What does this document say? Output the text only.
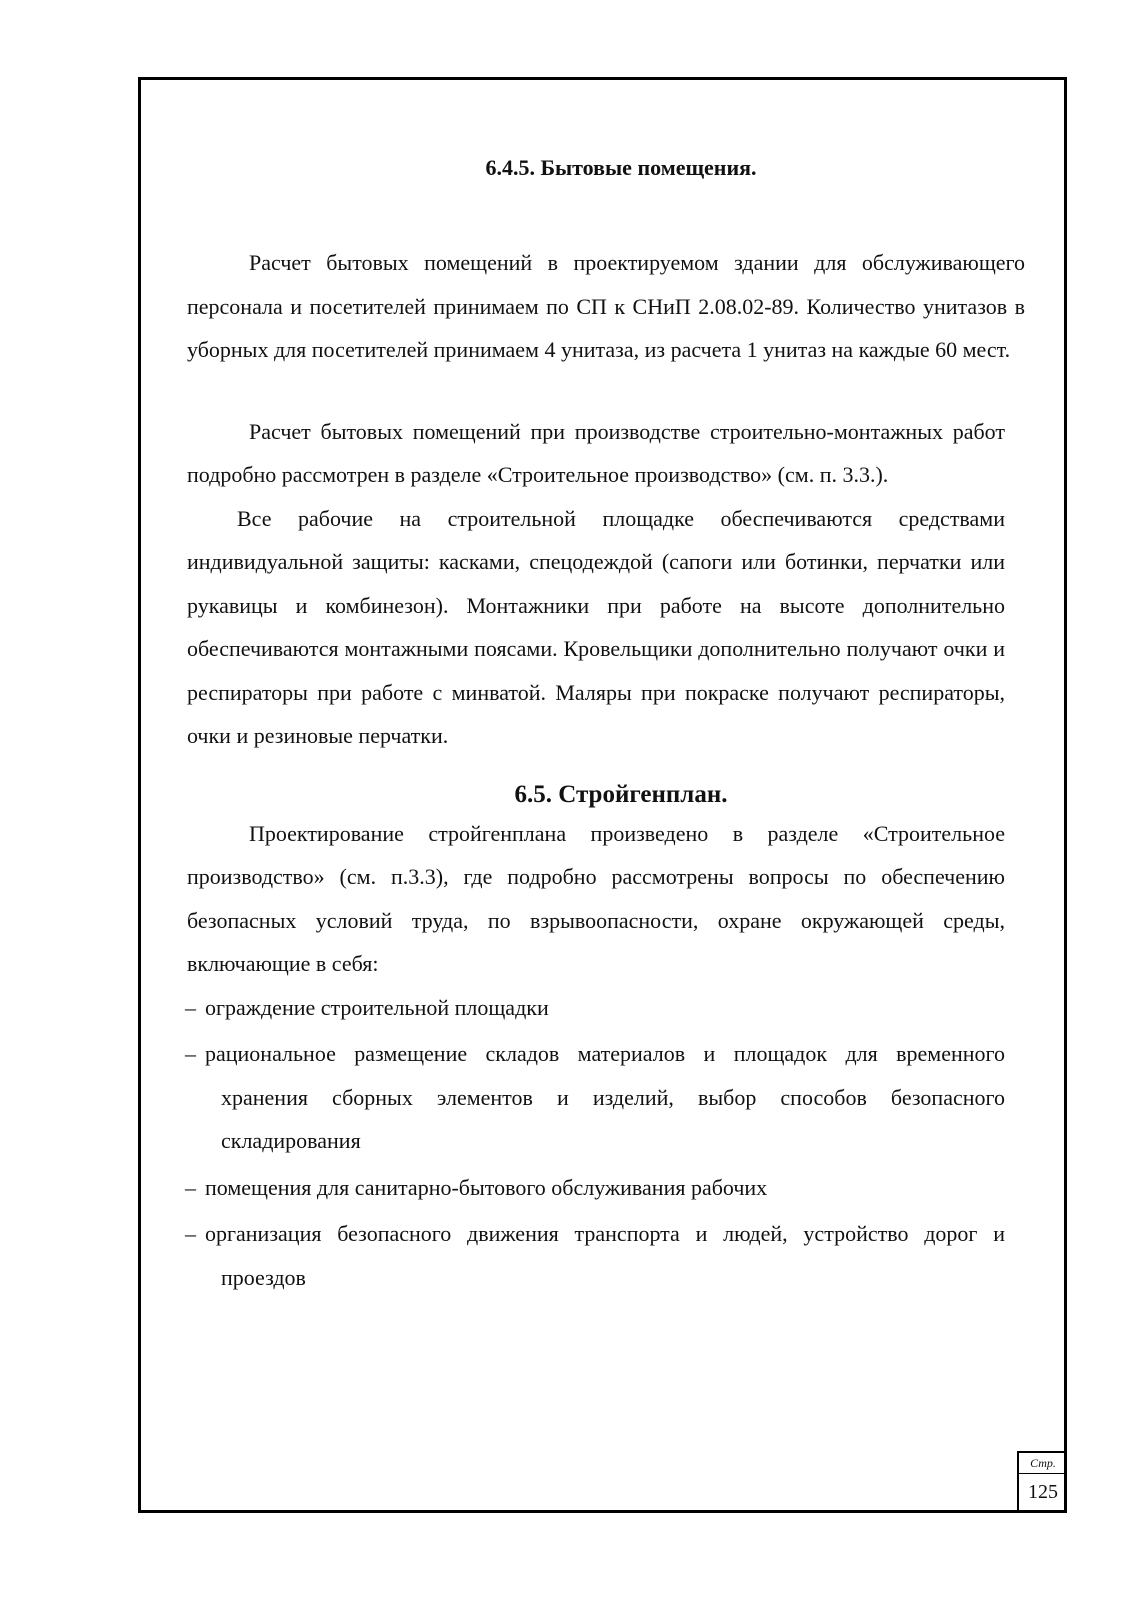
6.4.5. Бытовые помещения.

Расчет бытовых помещений в проектируемом здании для обслуживающего персонала и посетителей принимаем по СП к СНиП 2.08.02-89. Количество унитазов в уборных для посетителей принимаем 4 унитаза, из расчета 1 унитаз на каждые 60 мест.

Расчет бытовых помещений при производстве строительно-монтажных работ подробно рассмотрен в разделе «Строительное производство» (см. п. 3.3.).

Все рабочие на строительной площадке обеспечиваются средствами индивидуальной защиты: касками, спецодеждой (сапоги или ботинки, перчатки или рукавицы и комбинезон). Монтажники при работе на высоте дополнительно обеспечиваются монтажными поясами. Кровельщики дополнительно получают очки и респираторы при работе с минватой. Маляры при покраске получают респираторы, очки и резиновые перчатки.

6.5. Стройгенплан.

Проектирование стройгенплана произведено в разделе «Строительное производство» (см. п.3.3), где подробно рассмотрены вопросы по обеспечению безопасных условий труда, по взрывоопасности, охране окружающей среды, включающие в себя:

– ограждение строительной площадки
– рациональное размещение складов материалов и площадок для временного хранения сборных элементов и изделий, выбор способов безопасного складирования
– помещения для санитарно-бытового обслуживания рабочих
– организация безопасного движения транспорта и людей, устройство дорог и проездов
Стр.
125
